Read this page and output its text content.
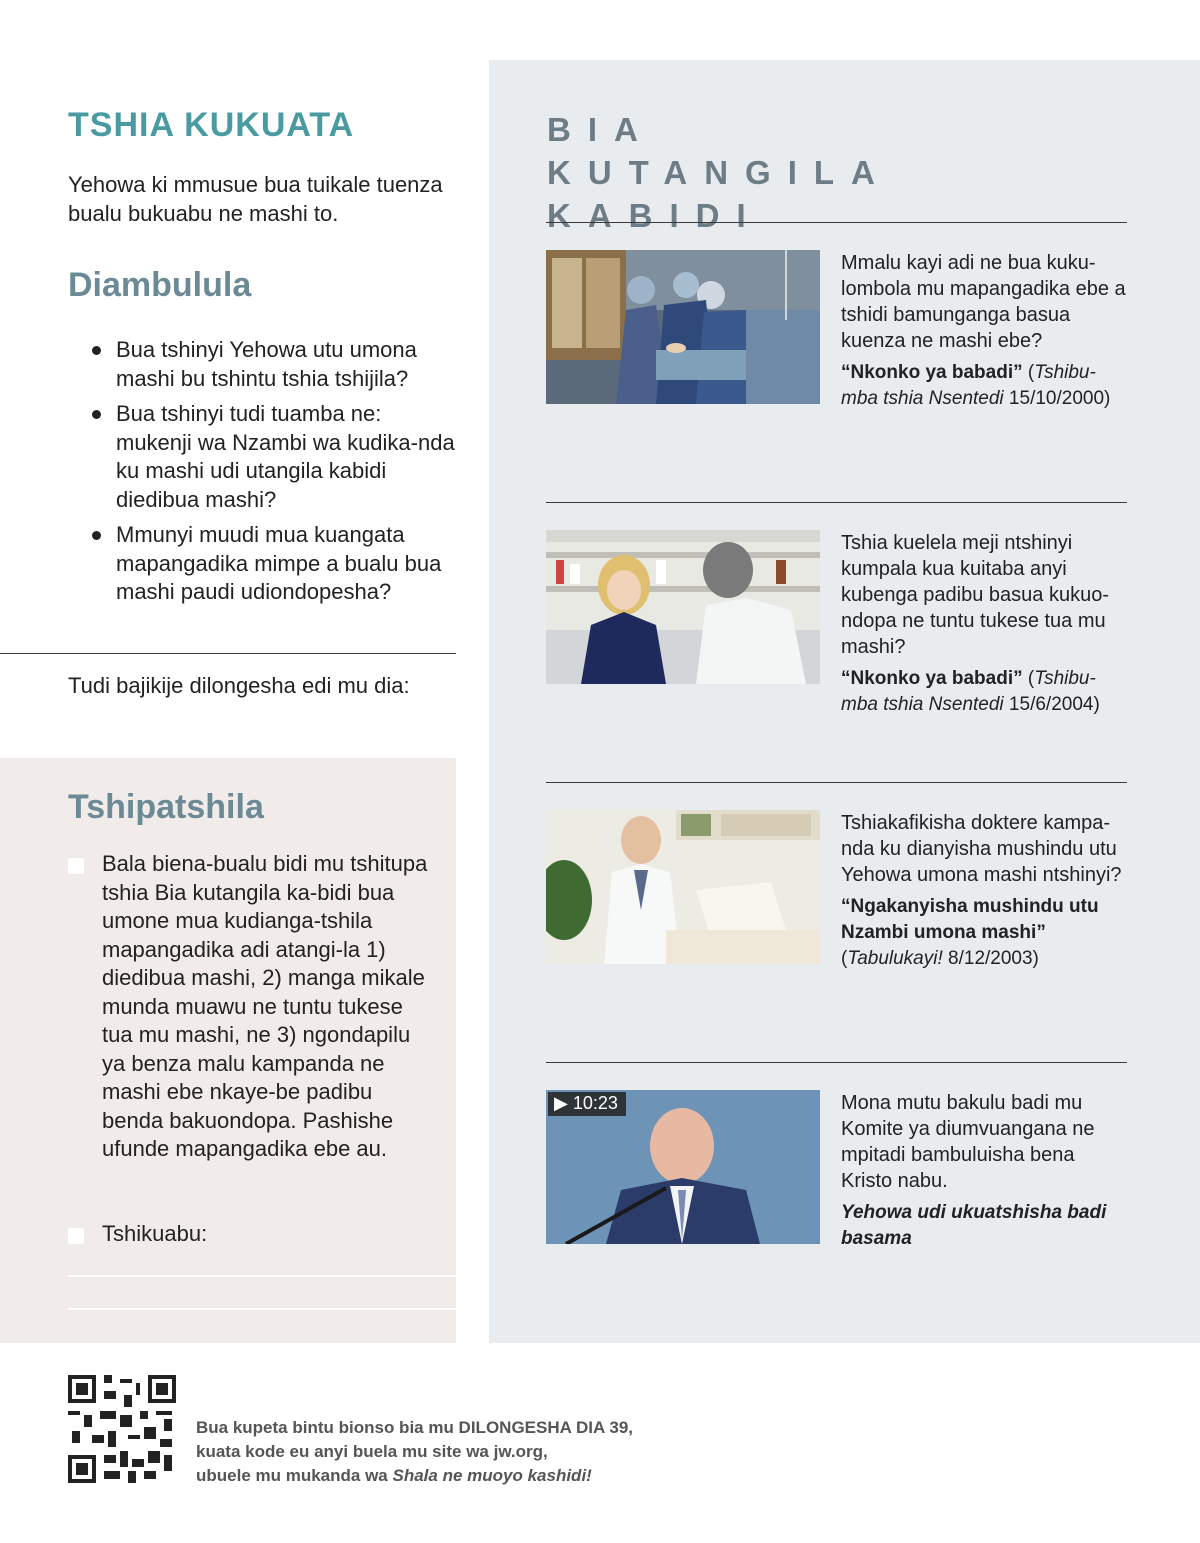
TSHIA KUKUATA

Yehowa ki mmusue bua tuikale tuenza bualu bukuabu ne mashi to.

Diambulula
Bua tshinyi Yehowa utu umona mashi bu tshintu tshia tshijila?
Bua tshinyi tudi tuamba ne: mukenji wa Nzambi wa kudika-nda ku mashi udi utangila kabidi diedibua mashi?
Mmunyi muudi mua kuangata mapangadika mimpe a bualu bua mashi paudi udiondopesha?

Tudi bajikije dilongesha edi mu dia:

Tshipatshila

Bala biena-bualu bidi mu tshitupa tshia Bia kutangila ka-bidi bua umone mua kudianga-tshila mapangadika adi atangi-la 1) diedibua mashi, 2) manga mikale munda muawu ne tuntu tukese tua mu mashi, ne 3) ngondapilu ya benza malu kampanda ne mashi ebe nkaye-be padibu benda bakuondopa. Pashishe ufunde mapangadika ebe au.

Tshikuabu:

BIA KUTANGILA KABIDI

Mmalu kayi adi ne bua kuku-lombola mu mapangadika ebe a tshidi bamunganga basua kuenza ne mashi ebe?

“Nkonko ya babadi” (Tshibu-mba tshia Nsentedi 15/10/2000)

Tshia kuelela meji ntshinyi kumpala kua kuitaba anyi kubenga padibu basua kukuo-ndopa ne tuntu tukese tua mu mashi?

“Nkonko ya babadi” (Tshibu-mba tshia Nsentedi 15/6/2004)

Tshiakafikisha doktere kampa-nda ku dianyisha mushindu utu Yehowa umona mashi ntshinyi?

“Ngakanyisha mushindu utu Nzambi umona mashi” (Tabulukayi! 8/12/2003)

▶ 10:23	Mona mutu bakulu badi mu Komite ya diumvuangana ne mpitadi bambuluisha bena Kristo nabu.

Yehowa udi ukuatshisha badi basama

Bua kupeta bintu bionso bia mu DILONGESHA DIA 39,
kuata kode eu anyi buela mu site wa jw.org,
ubuele mu mukanda wa Shala ne muoyo kashidi!
